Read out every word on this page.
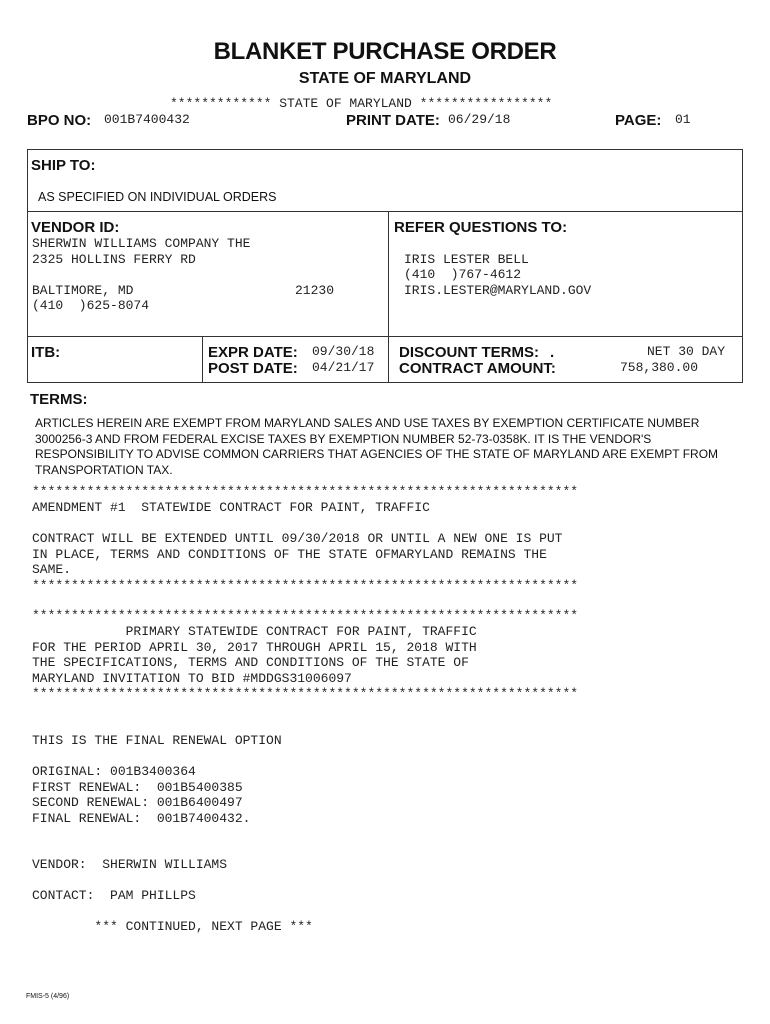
BLANKET PURCHASE ORDER
STATE OF MARYLAND
************* STATE OF MARYLAND *****************
BPO NO: 001B7400432	PRINT DATE: 06/29/18	PAGE: 01
SHIP TO:
AS SPECIFIED ON INDIVIDUAL ORDERS
VENDOR ID:
SHERWIN WILLIAMS COMPANY THE
2325 HOLLINS FERRY RD
BALTIMORE, MD	21230
(410  )625-8074
REFER QUESTIONS TO:
IRIS LESTER BELL
(410  )767-4612
IRIS.LESTER@MARYLAND.GOV
ITB:	EXPR DATE: 09/30/18
POST DATE: 04/21/17
DISCOUNT TERMS: .	NET 30 DAY
CONTRACT AMOUNT:	758,380.00
TERMS:
ARTICLES HEREIN ARE EXEMPT FROM MARYLAND SALES AND USE TAXES BY EXEMPTION CERTIFICATE NUMBER 3000256-3 AND FROM FEDERAL EXCISE TAXES BY EXEMPTION NUMBER 52-73-0358K. IT IS THE VENDOR'S RESPONSIBILITY TO ADVISE COMMON CARRIERS THAT AGENCIES OF THE STATE OF MARYLAND ARE EXEMPT FROM TRANSPORTATION TAX.
**********************************************************************
AMENDMENT #1  STATEWIDE CONTRACT FOR PAINT, TRAFFIC
CONTRACT WILL BE EXTENDED UNTIL 09/30/2018 OR UNTIL A NEW ONE IS PUT
IN PLACE, TERMS AND CONDITIONS OF THE STATE OFMARYLAND REMAINS THE
SAME.
**********************************************************************
**********************************************************************
PRIMARY STATEWIDE CONTRACT FOR PAINT, TRAFFIC
FOR THE PERIOD APRIL 30, 2017 THROUGH APRIL 15, 2018 WITH
THE SPECIFICATIONS, TERMS AND CONDITIONS OF THE STATE OF
MARYLAND INVITATION TO BID #MDDGS31006097
**********************************************************************
THIS IS THE FINAL RENEWAL OPTION
ORIGINAL: 001B3400364
FIRST RENEWAL:  001B5400385
SECOND RENEWAL: 001B6400497
FINAL RENEWAL:  001B7400432.
VENDOR:  SHERWIN WILLIAMS
CONTACT:  PAM PHILLPS
*** CONTINUED, NEXT PAGE ***
FMIS-5 (4/96)
